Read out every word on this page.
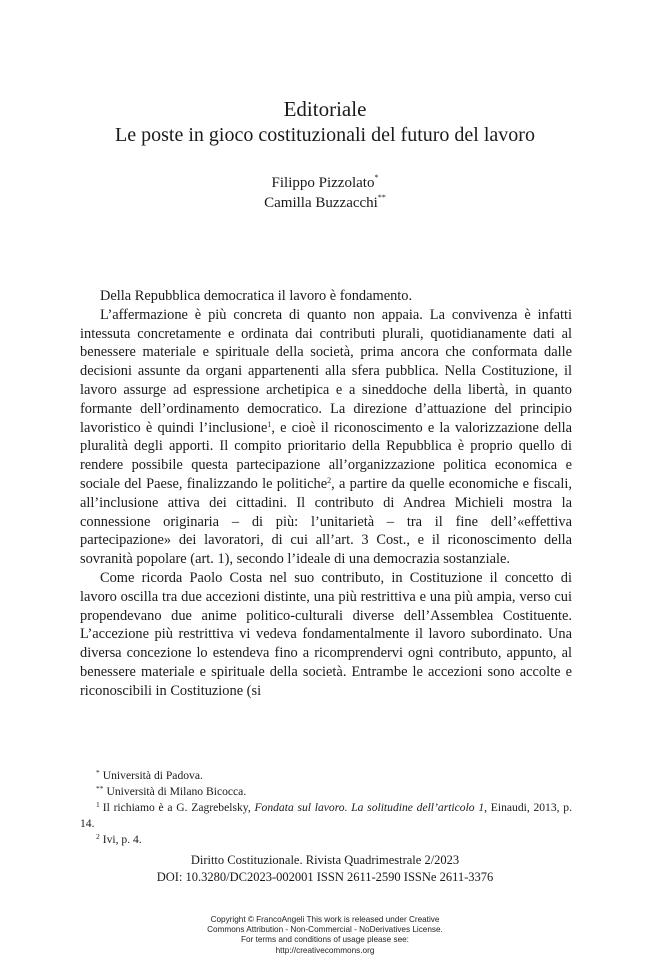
Editoriale
Le poste in gioco costituzionali del futuro del lavoro
Filippo Pizzolato*
Camilla Buzzacchi**

Della Repubblica democratica il lavoro è fondamento.

L’affermazione è più concreta di quanto non appaia. La convivenza è infatti intessuta concretamente e ordinata dai contributi plurali, quotidianamente dati al benessere materiale e spirituale della società, prima ancora che conformata dalle decisioni assunte da organi appartenenti alla sfera pubblica. Nella Costituzione, il lavoro assurge ad espressione archetipica e a sineddoche della libertà, in quanto formante dell’ordinamento democratico. La direzione d’attuazione del principio lavoristico è quindi l’inclusione$^1$, e cioè il riconoscimento e la valorizzazione della pluralità degli apporti. Il compito prioritario della Repubblica è proprio quello di rendere possibile questa partecipazione all’organizzazione politica economica e sociale del Paese, finalizzando le politiche$^2$, a partire da quelle economiche e fiscali, all’inclusione attiva dei cittadini. Il contributo di Andrea Michieli mostra la connessione originaria – di più: l’unitarietà – tra il fine dell’«effettiva partecipazione» dei lavoratori, di cui all’art. 3 Cost., e il riconoscimento della sovranità popolare (art. 1), secondo l’ideale di una democrazia sostanziale.

Come ricorda Paolo Costa nel suo contributo, in Costituzione il concetto di lavoro oscilla tra due accezioni distinte, una più restrittiva e una più ampia, verso cui propendevano due anime politico-culturali diverse dell’Assemblea Costituente. L’accezione più restrittiva vi vedeva fondamentalmente il lavoro subordinato. Una diversa concezione lo estendeva fino a ricomprendervi ogni contributo, appunto, al benessere materiale e spirituale della società. Entrambe le accezioni sono accolte e riconoscibili in Costituzione (si

* Università di Padova.

** Università di Milano Bicocca.

$^1$ Il richiamo è a G. Zagrebelsky, Fondata sul lavoro. La solitudine dell’articolo 1, Einaudi, 2013, p. 14.

$^2$ Ivi, p. 4.

Diritto Costituzionale. Rivista Quadrimestrale 2/2023
DOI: 10.3280/DC2023-002001 ISSN 2611-2590 ISSNe 2611-3376
Copyright © FrancoAngeli This work is released under Creative
Commons Attribution - Non-Commercial - NoDerivatives License.
For terms and conditions of usage please see:
http://creativecommons.org
